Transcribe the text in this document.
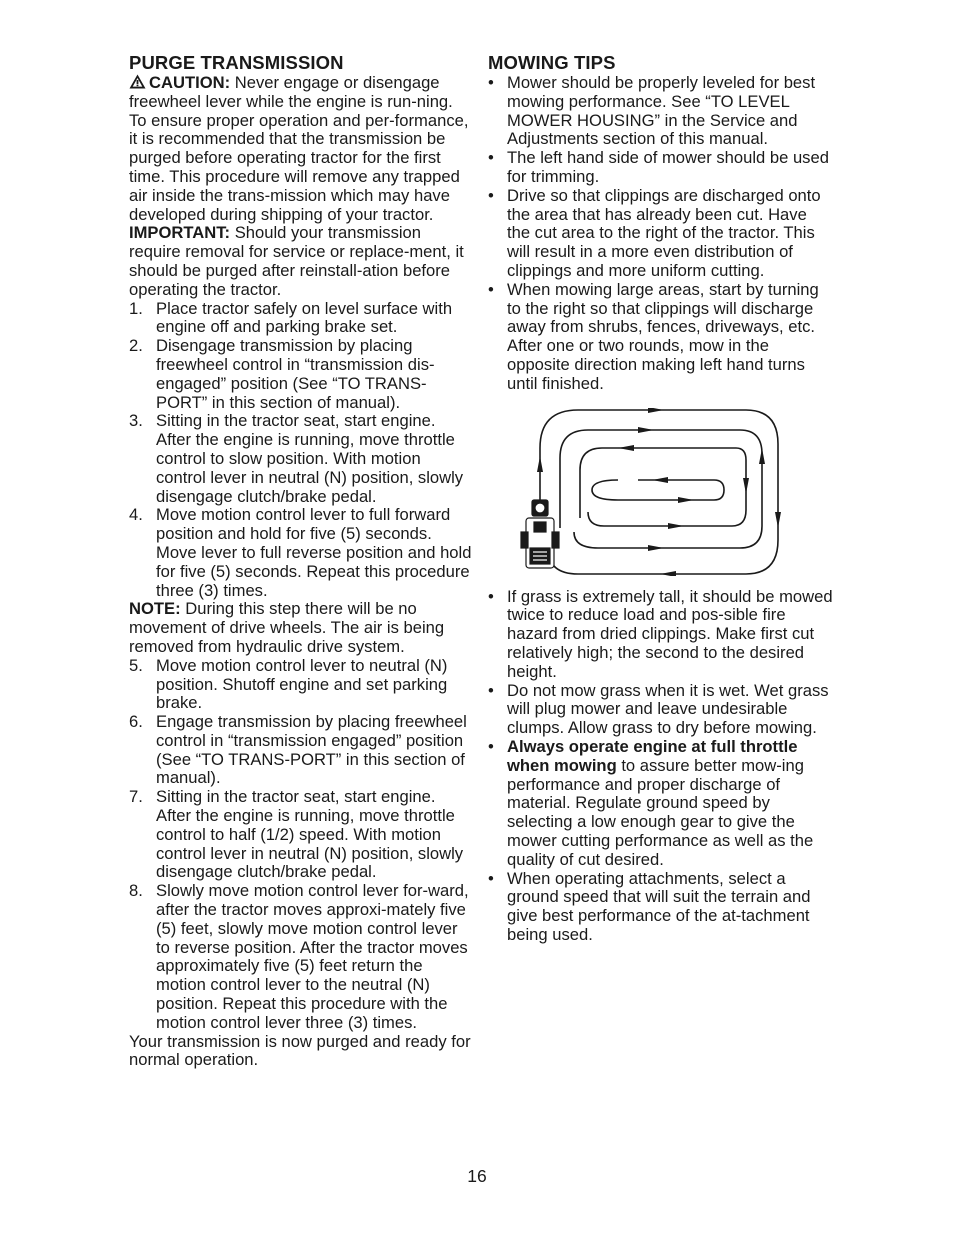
PURGE TRANSMISSION

CAUTION: Never engage or disengage freewheel lever while the engine is run-ning.

To ensure proper operation and per-formance, it is recommended that the transmission be purged before operating tractor for the first time. This procedure will remove any trapped air inside the trans-mission which may have developed during shipping of your tractor.

IMPORTANT: Should your transmission require removal for service or replace-ment, it should be purged after reinstall-ation before operating the tractor.

1. Place tractor safely on level surface with engine off and parking brake set.
2. Disengage transmission by placing freewheel control in “transmission dis-engaged” position (See “TO TRANS-PORT” in this section of manual).
3. Sitting in the tractor seat, start engine. After the engine is running, move throttle control to slow position. With motion control lever in neutral (N) position, slowly disengage clutch/brake pedal.
4. Move motion control lever to full forward position and hold for five (5) seconds. Move lever to full reverse position and hold for five (5) seconds. Repeat this procedure three (3) times.

NOTE: During this step there will be no movement of drive wheels. The air is being removed from hydraulic drive system.

5. Move motion control lever to neutral (N) position. Shutoff engine and set parking brake.
6. Engage transmission by placing freewheel control in “transmission engaged” position (See “TO TRANS-PORT” in this section of manual).
7. Sitting in the tractor seat, start engine. After the engine is running, move throttle control to half (1/2) speed. With motion control lever in neutral (N) position, slowly disengage clutch/brake pedal.
8. Slowly move motion control lever for-ward, after the tractor moves approxi-mately five (5) feet, slowly move motion control lever to reverse position. After the tractor moves approximately five (5) feet return the motion control lever to the neutral (N) position. Repeat this procedure with the motion control lever three (3) times.

Your transmission is now purged and ready for normal operation.

MOWING TIPS
• Mower should be properly leveled for best mowing performance. See “TO LEVEL MOWER HOUSING” in the Service and Adjustments section of this manual.
• The left hand side of mower should be used for trimming.
• Drive so that clippings are discharged onto the area that has already been cut. Have the cut area to the right of the tractor. This will result in a more even distribution of clippings and more uniform cutting.
• When mowing large areas, start by turning to the right so that clippings will discharge away from shrubs, fences, driveways, etc. After one or two rounds, mow in the opposite direction making left hand turns until finished.
• If grass is extremely tall, it should be mowed twice to reduce load and pos-sible fire hazard from dried clippings. Make first cut relatively high; the second to the desired height.
• Do not mow grass when it is wet. Wet grass will plug mower and leave undesirable clumps. Allow grass to dry before mowing.
• Always operate engine at full throttle when mowing to assure better mow-ing performance and proper discharge of material. Regulate ground speed by selecting a low enough gear to give the mower cutting performance as well as the quality of cut desired.
• When operating attachments, select a ground speed that will suit the terrain and give best performance of the at-tachment being used.
16
